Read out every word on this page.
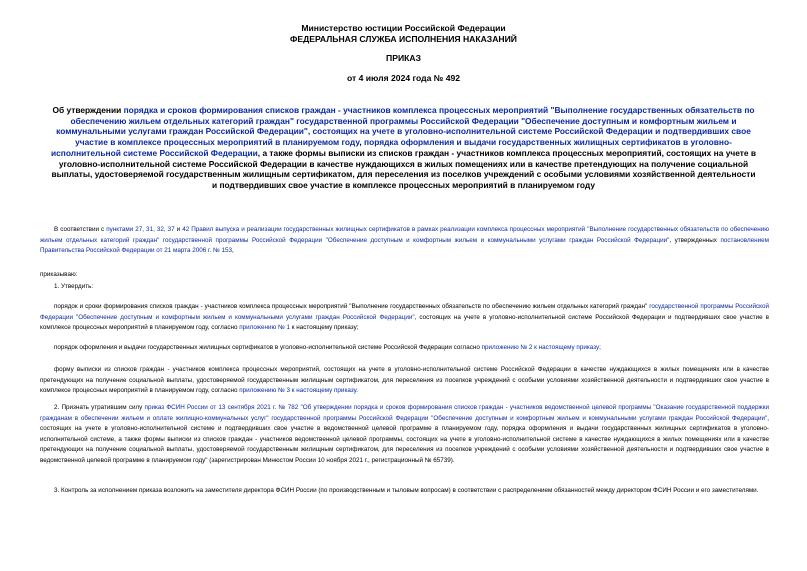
Министерство юстиции Российской Федерации
ФЕДЕРАЛЬНАЯ СЛУЖБА ИСПОЛНЕНИЯ НАКАЗАНИЙ
ПРИКАЗ
от 4 июля 2024 года № 492
Об утверждении порядка и сроков формирования списков граждан - участников комплекса процессных мероприятий "Выполнение государственных обязательств по обеспечению жильем отдельных категорий граждан" государственной программы Российской Федерации "Обеспечение доступным и комфортным жильем и коммунальными услугами граждан Российской Федерации", состоящих на учете в уголовно-исполнительной системе Российской Федерации и подтвердивших свое участие в комплексе процессных мероприятий в планируемом году, порядка оформления и выдачи государственных жилищных сертификатов в уголовно-исполнительной системе Российской Федерации, а также формы выписки из списков граждан - участников комплекса процессных мероприятий, состоящих на учете в уголовно-исполнительной системе Российской Федерации в качестве нуждающихся в жилых помещениях или в качестве претендующих на получение социальной выплаты, удостоверяемой государственным жилищным сертификатом, для переселения из поселков учреждений с особыми условиями хозяйственной деятельности и подтвердивших свое участие в комплексе процессных мероприятий в планируемом году
В соответствии с пунктами 27, 31, 32, 37 и 42 Правил выпуска и реализации государственных жилищных сертификатов в рамках реализации комплекса процессных мероприятий "Выполнение государственных обязательств по обеспечению жильем отдельных категорий граждан" государственной программы Российской Федерации "Обеспечение доступным и комфортным жильем и коммунальными услугами граждан Российской Федерации", утвержденных постановлением Правительства Российской Федерации от 21 марта 2006 г. № 153,
приказываю:
1. Утвердить:
порядок и сроки формирования списков граждан - участников комплекса процессных мероприятий "Выполнение государственных обязательств по обеспечению жильем отдельных категорий граждан" государственной программы Российской Федерации "Обеспечение доступным и комфортным жильем и коммунальными услугами граждан Российской Федерации", состоящих на учете в уголовно-исполнительной системе Российской Федерации и подтвердивших свое участие в комплексе процессных мероприятий в планируемом году, согласно приложению № 1 к настоящему приказу;
порядок оформления и выдачи государственных жилищных сертификатов в уголовно-исполнительной системе Российской Федерации согласно приложению № 2 к настоящему приказу;
форму выписки из списков граждан - участников комплекса процессных мероприятий, состоящих на учете в уголовно-исполнительной системе Российской Федерации в качестве нуждающихся в жилых помещениях или в качестве претендующих на получение социальной выплаты, удостоверяемой государственным жилищным сертификатом, для переселения из поселков учреждений с особыми условиями хозяйственной деятельности и подтвердивших свое участие в комплексе процессных мероприятий в планируемом году, согласно приложению № 3 к настоящему приказу.
2. Признать утратившим силу приказ ФСИН России от 13 сентября 2021 г. № 782 "Об утверждении порядка и сроков формирования списков граждан - участников ведомственной целевой программы "Оказание государственной поддержки гражданам в обеспечении жильем и оплате жилищно-коммунальных услуг" государственной программы Российской Федерации "Обеспечение доступным и комфортным жильем и коммунальными услугами граждан Российской Федерации", состоящих на учете в уголовно-исполнительной системе и подтвердивших свое участие в ведомственной целевой программе в планируемом году, порядка оформления и выдачи государственных жилищных сертификатов в уголовно-исполнительной системе, а также формы выписки из списков граждан - участников ведомственной целевой программы, состоящих на учете в уголовно-исполнительной системе в качестве нуждающихся в жилых помещениях или в качестве претендующих на получение социальной выплаты, удостоверяемой государственным жилищным сертификатом, для переселения из поселков учреждений с особыми условиями хозяйственной деятельности и подтвердивших свое участие в ведомственной целевой программе в планируемом году" (зарегистрирован Минюстом России 10 ноября 2021 г., регистрационный № 65739).
3. Контроль за исполнением приказа возложить на заместителя директора ФСИН России (по производственным и тыловым вопросам) в соответствии с распределением обязанностей между директором ФСИН России и его заместителями.
